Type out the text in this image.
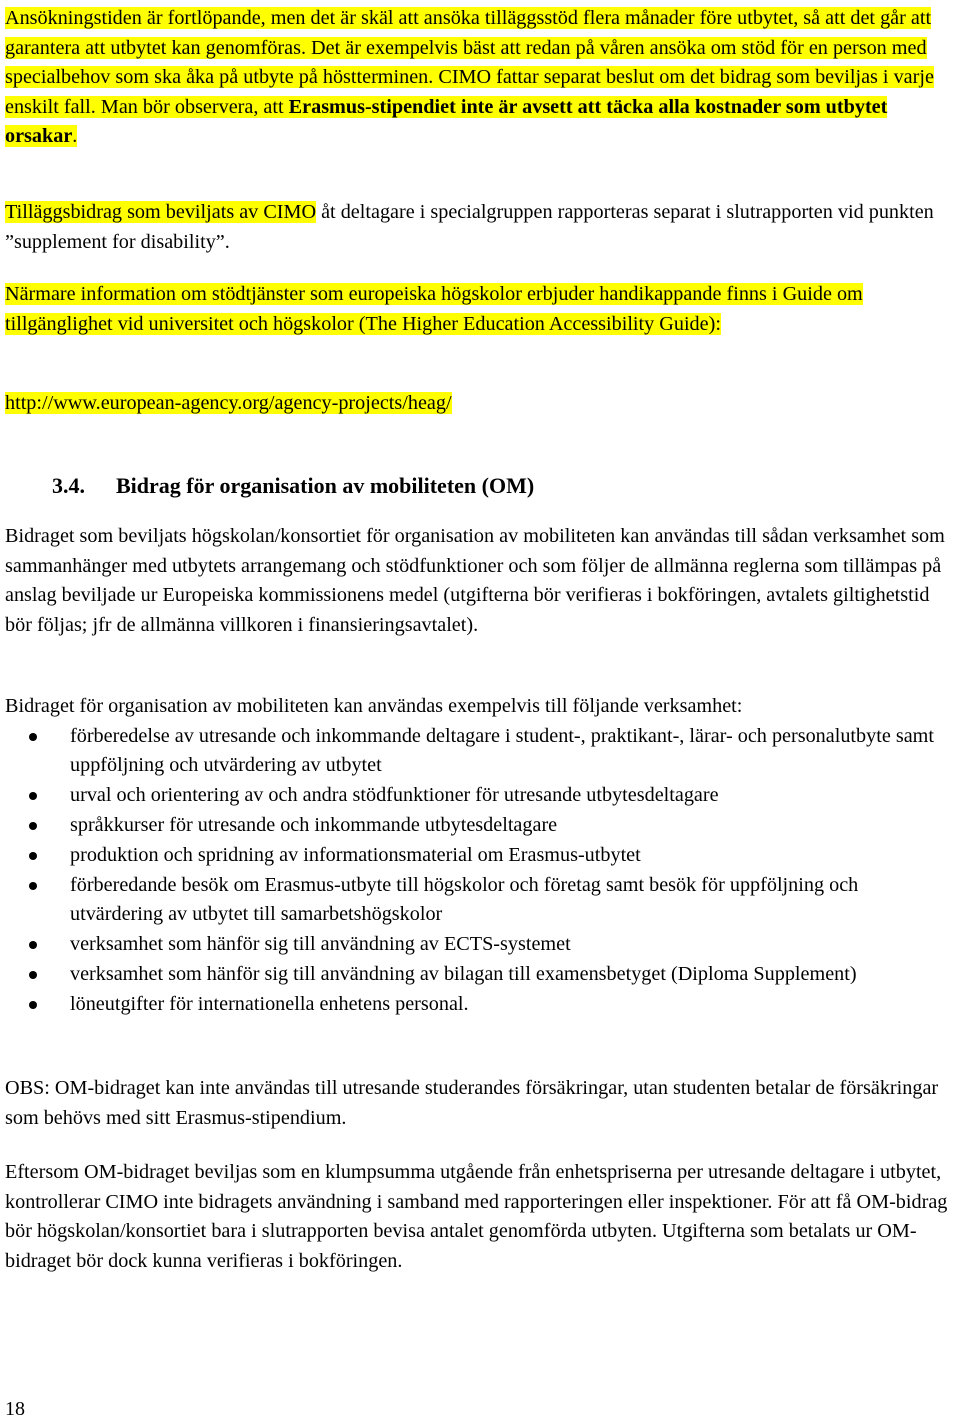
Ansökningstiden är fortlöpande, men det är skäl att ansöka tilläggsstöd flera månader före utbytet, så att det går att garantera att utbytet kan genomföras. Det är exempelvis bäst att redan på våren ansöka om stöd för en person med specialbehov som ska åka på utbyte på höstterminen. CIMO fattar separat beslut om det bidrag som beviljas i varje enskilt fall. Man bör observera, att Erasmus-stipendiet inte är avsett att täcka alla kostnader som utbytet orsakar.

Tilläggsbidrag som beviljats av CIMO åt deltagare i specialgruppen rapporteras separat i slutrapporten vid punkten ”supplement for disability”.

Närmare information om stödtjänster som europeiska högskolor erbjuder handikappande finns i Guide om tillgänglighet vid universitet och högskolor (The Higher Education Accessibility Guide):

http://www.european-agency.org/agency-projects/heag/

3.4. Bidrag för organisation av mobiliteten (OM)

Bidraget som beviljats högskolan/konsortiet för organisation av mobiliteten kan användas till sådan verksamhet som sammanhänger med utbytets arrangemang och stödfunktioner och som följer de allmänna reglerna som tillämpas på anslag beviljade ur Europeiska kommissionens medel (utgifterna bör verifieras i bokföringen, avtalets giltighetstid bör följas; jfr de allmänna villkoren i finansieringsavtalet).

Bidraget för organisation av mobiliteten kan användas exempelvis till följande verksamhet:

förberedelse av utresande och inkommande deltagare i student-, praktikant-, lärar- och personalutbyte samt uppföljning och utvärdering av utbytet
urval och orientering av och andra stödfunktioner för utresande utbytesdeltagare
språkkurser för utresande och inkommande utbytesdeltagare
produktion och spridning av informationsmaterial om Erasmus-utbytet
förberedande besök om Erasmus-utbyte till högskolor och företag samt besök för uppföljning och utvärdering av utbytet till samarbetshögskolor
verksamhet som hänför sig till användning av ECTS-systemet
verksamhet som hänför sig till användning av bilagan till examensbetyget (Diploma Supplement)
löneutgifter för internationella enhetens personal.

OBS: OM-bidraget kan inte användas till utresande studerandes försäkringar, utan studenten betalar de försäkringar som behövs med sitt Erasmus-stipendium.

Eftersom OM-bidraget beviljas som en klumpsumma utgående från enhetspriserna per utresande deltagare i utbytet, kontrollerar CIMO inte bidragets användning i samband med rapporteringen eller inspektioner. För att få OM-bidrag bör högskolan/konsortiet bara i slutrapporten bevisa antalet genomförda utbyten. Utgifterna som betalats ur OM-bidraget bör dock kunna verifieras i bokföringen.

18
